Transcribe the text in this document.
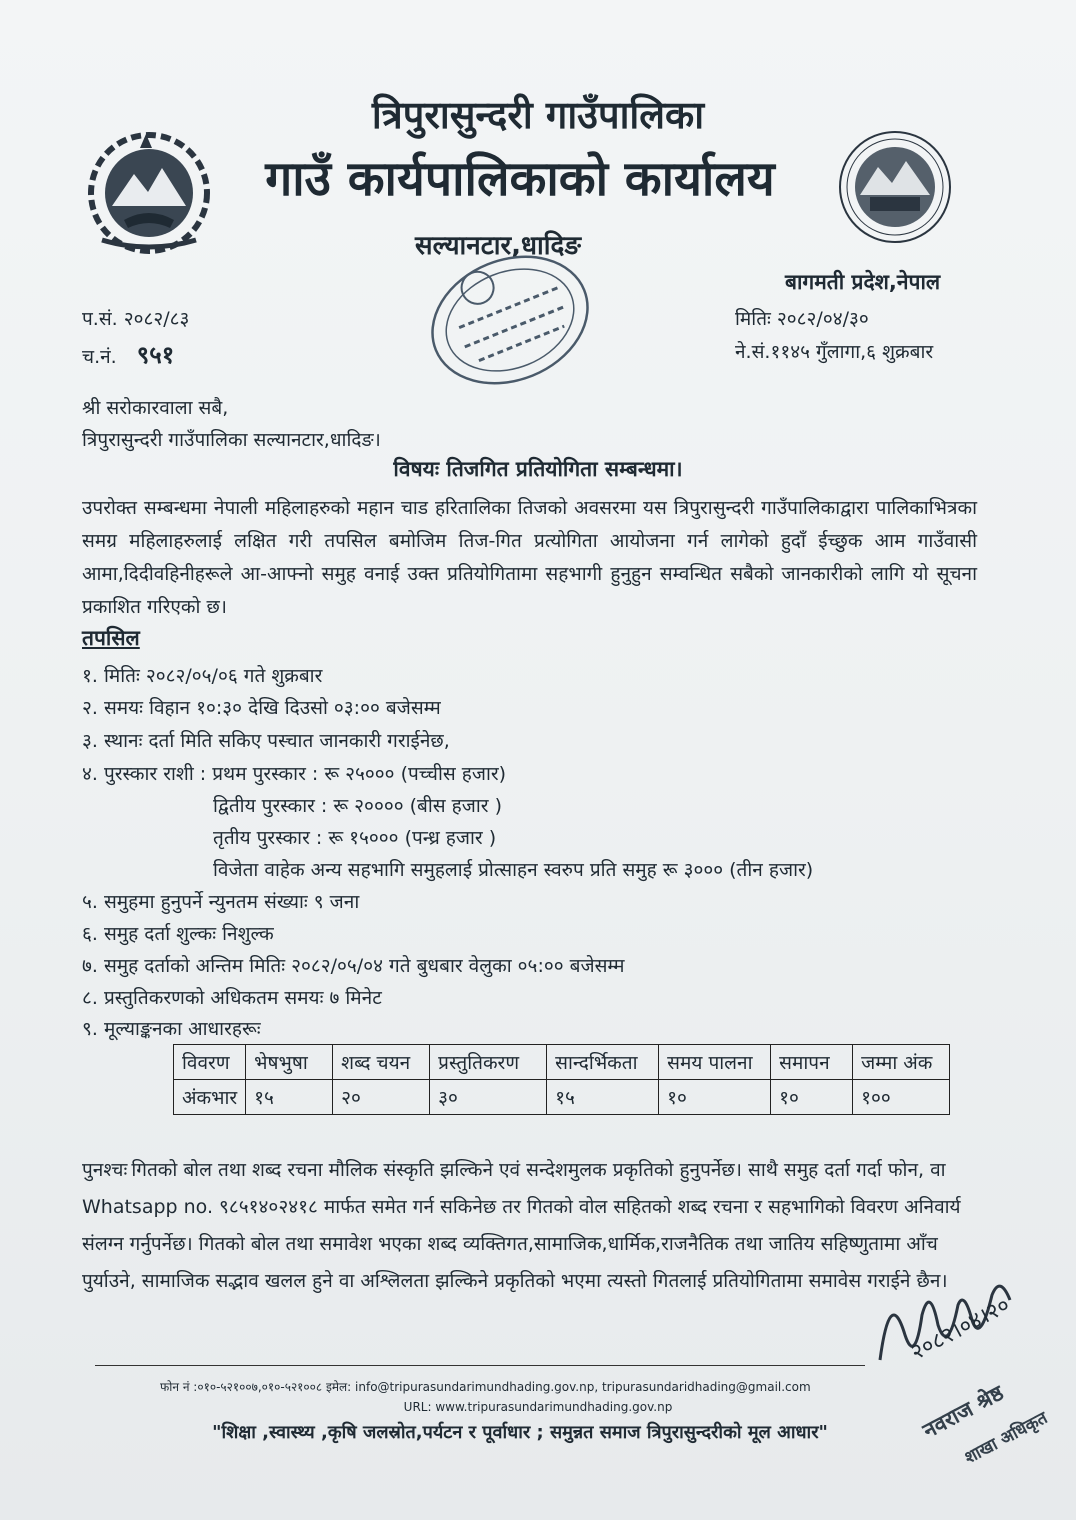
त्रिपुरासुन्दरी गाउँपालिका
गाउँ कार्यपालिकाको कार्यालय
सल्यानटार,धादिङ
बागमती प्रदेश,नेपाल
प.सं. २०८२/८३
च.नं. ९५१
मितिः २०८२/०४/३०
ने.सं.११४५ गुँलागा,६ शुक्रबार
श्री सरोकारवाला सबै,
त्रिपुरासुन्दरी गाउँपालिका सल्यानटार,धादिङ।
विषयः तिजगित प्रतियोगिता सम्बन्धमा।
उपरोक्त सम्बन्धमा नेपाली महिलाहरुको महान चाड हरितालिका तिजको अवसरमा यस त्रिपुरासुन्दरी गाउँपालिकाद्वारा पालिकाभित्रका समग्र महिलाहरुलाई लक्षित गरी तपसिल बमोजिम तिज-गित प्रत्योगिता आयोजना गर्न लागेको हुदाँ ईच्छुक आम गाउँवासी आमा,दिदीवहिनीहरूले आ-आफ्नो समुह वनाई उक्त प्रतियोगितामा सहभागी हुनुहुन सम्वन्धित सबैको जानकारीको लागि यो सूचना प्रकाशित गरिएको छ।
तपसिल
१. मितिः २०८२/०५/०६ गते शुक्रबार
२. समयः विहान १०:३० देखि दिउसो ०३:०० बजेसम्म
३. स्थानः दर्ता मिति सकिए पस्चात जानकारी गराईनेछ,
४. पुरस्कार राशी : प्रथम पुरस्कार : रू २५००० (पच्चीस हजार)
द्वितीय पुरस्कार : रू २०००० (बीस हजार )
तृतीय पुरस्कार : रू १५००० (पन्ध्र हजार )
विजेता वाहेक अन्य सहभागि समुहलाई प्रोत्साहन स्वरुप प्रति समुह रू ३००० (तीन हजार)
५. समुहमा हुनुपर्ने न्युनतम संख्याः ९ जना
६. समुह दर्ता शुल्कः निशुल्क
७. समुह दर्ताको अन्तिम मितिः २०८२/०५/०४ गते बुधबार वेलुका ०५:०० बजेसम्म
८. प्रस्तुतिकरणको अधिकतम समयः ७ मिनेट
९. मूल्याङ्कनका आधारहरूः
विवरण	भेषभुषा	शब्द चयन	प्रस्तुतिकरण	सान्दर्भिकता	समय पालना	समापन	जम्मा अंक
अंकभार	१५	२०	३०	१५	१०	१०	१००
पुनश्चः गितको बोल तथा शब्द रचना मौलिक संस्कृति झल्किने एवं सन्देशमुलक प्रकृतिको हुनुपर्नेछ। साथै समुह दर्ता गर्दा फोन, वा Whatsapp no. ९८५१४०२४१८ मार्फत समेत गर्न सकिनेछ तर गितको वोल सहितको शब्द रचना र सहभागिको विवरण अनिवार्य संलग्न गर्नुपर्नेछ। गितको बोल तथा समावेश भएका शब्द व्यक्तिगत,सामाजिक,धार्मिक,राजनैतिक तथा जातिय सहिष्णुतामा आँच पुर्याउने, सामाजिक सद्भाव खलल हुने वा अश्लिलता झल्किने प्रकृतिको भएमा त्यस्तो गितलाई प्रतियोगितामा समावेस गराईने छैन।
२०८२।०४।२०
नवराज श्रेष्ठ
शाखा अधिकृत
फोन नं :०१०-५२१००७,०१०-५२१००८ इमेल: info@tripurasundarimundhading.gov.np, tripurasundaridhading@gmail.com
URL: www.tripurasundarimundhading.gov.np
"शिक्षा ,स्वास्थ्य ,कृषि जलस्रोत,पर्यटन र पूर्वाधार ; समुन्नत समाज त्रिपुरासुन्दरीको मूल आधार"
